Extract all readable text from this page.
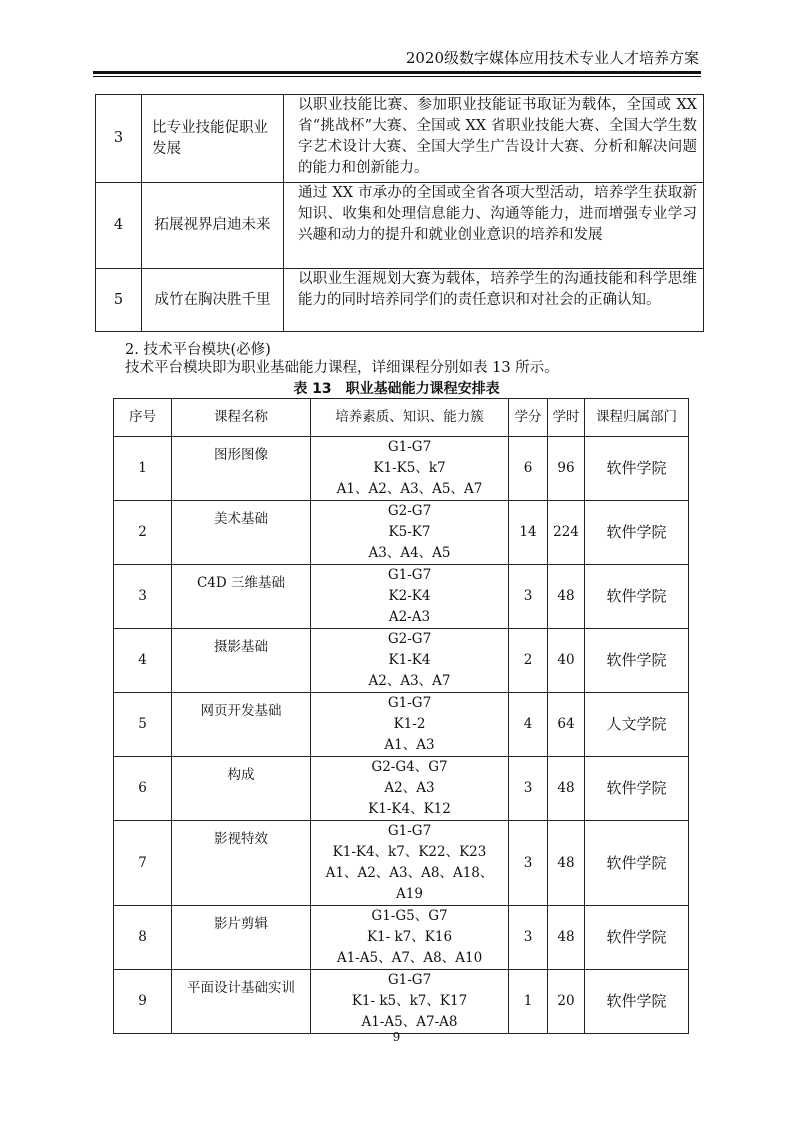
2020级数字媒体应用技术专业人才培养方案
3	比专业技能促职业发展	以职业技能比赛、参加职业技能证书取证为载体，全国或 XX 省“挑战杯”大赛、全国或 XX 省职业技能大赛、全国大学生数字艺术设计大赛、全国大学生广告设计大赛、分析和解决问题的能力和创新能力。
4	拓展视界启迪未来	通过 XX 市承办的全国或全省各项大型活动，培养学生获取新知识、收集和处理信息能力、沟通等能力，进而增强专业学习兴趣和动力的提升和就业创业意识的培养和发展
5	成竹在胸决胜千里	以职业生涯规划大赛为载体，培养学生的沟通技能和科学思维能力的同时培养同学们的责任意识和对社会的正确认知。
2. 技术平台模块(必修)
技术平台模块即为职业基础能力课程，详细课程分别如表 13 所示。
表 13　职业基础能力课程安排表
序号	课程名称	培养素质、知识、能力簇	学分	学时	课程归属部门
1	图形图像	G1-G7
K1-K5、k7
A1、A2、A3、A5、A7	6	96	软件学院
2	美术基础	G2-G7
K5-K7
A3、A4、A5	14	224	软件学院
3	C4D 三维基础	G1-G7
K2-K4
A2-A3	3	48	软件学院
4	摄影基础	G2-G7
K1-K4
A2、A3、A7	2	40	软件学院
5	网页开发基础	G1-G7
K1-2
A1、A3	4	64	人文学院
6	构成	G2-G4、G7
A2、A3
K1-K4、K12	3	48	软件学院
7	影视特效	G1-G7
K1-K4、k7、K22、K23
A1、A2、A3、A8、A18、
A19	3	48	软件学院
8	影片剪辑	G1-G5、G7
K1- k7、K16
A1-A5、A7、A8、A10	3	48	软件学院
9	平面设计基础实训	G1-G7
K1- k5、k7、K17
A1-A5、A7-A8	1	20	软件学院
9
